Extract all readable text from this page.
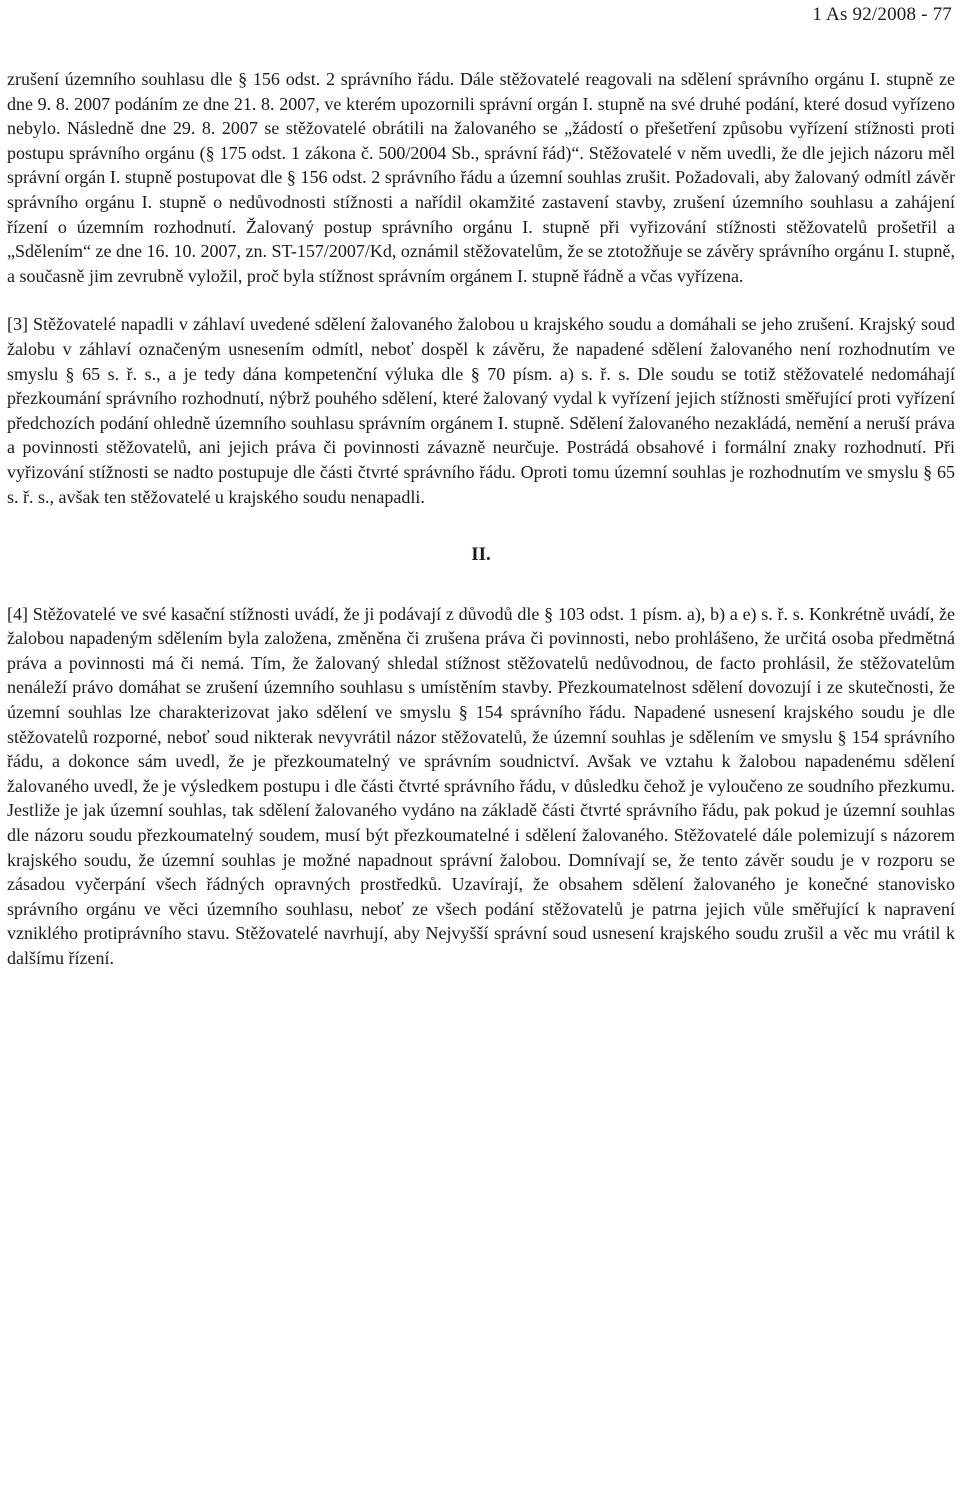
1 As 92/2008 - 77

zrušení územního souhlasu dle § 156 odst. 2 správního řádu. Dále stěžovatelé reagovali na sdělení správního orgánu I. stupně ze dne 9. 8. 2007 podáním ze dne 21. 8. 2007, ve kterém upozornili správní orgán I. stupně na své druhé podání, které dosud vyřízeno nebylo. Následně dne 29. 8. 2007 se stěžovatelé obrátili na žalovaného se „žádostí o přešetření způsobu vyřízení stížnosti proti postupu správního orgánu (§ 175 odst. 1 zákona č. 500/2004 Sb., správní řád)“. Stěžovatelé v něm uvedli, že dle jejich názoru měl správní orgán I. stupně postupovat dle § 156 odst. 2 správního řádu a územní souhlas zrušit. Požadovali, aby žalovaný odmítl závěr správního orgánu I. stupně o nedůvodnosti stížnosti a nařídil okamžité zastavení stavby, zrušení územního souhlasu a zahájení řízení o územním rozhodnutí. Žalovaný postup správního orgánu I. stupně při vyřizování stížnosti stěžovatelů prošetřil a „Sdělením“ ze dne 16. 10. 2007, zn. ST-157/2007/Kd, oznámil stěžovatelům, že se ztotožňuje se závěry správního orgánu I. stupně, a současně jim zevrubně vyložil, proč byla stížnost správním orgánem I. stupně řádně a včas vyřízena.

[3] Stěžovatelé napadli v záhlaví uvedené sdělení žalovaného žalobou u krajského soudu a domáhali se jeho zrušení. Krajský soud žalobu v záhlaví označeným usnesením odmítl, neboť dospěl k závěru, že napadené sdělení žalovaného není rozhodnutím ve smyslu § 65 s. ř. s., a je tedy dána kompetenční výluka dle § 70 písm. a) s. ř. s. Dle soudu se totiž stěžovatelé nedomáhají přezkoumání správního rozhodnutí, nýbrž pouhého sdělení, které žalovaný vydal k vyřízení jejich stížnosti směřující proti vyřízení předchozích podání ohledně územního souhlasu správním orgánem I. stupně. Sdělení žalovaného nezakládá, nemění a neruší práva a povinnosti stěžovatelů, ani jejich práva či povinnosti závazně neurčuje. Postrádá obsahové i formální znaky rozhodnutí. Při vyřizování stížnosti se nadto postupuje dle části čtvrté správního řádu. Oproti tomu územní souhlas je rozhodnutím ve smyslu § 65 s. ř. s., avšak ten stěžovatelé u krajského soudu nenapadli.

II.

[4] Stěžovatelé ve své kasační stížnosti uvádí, že ji podávají z důvodů dle § 103 odst. 1 písm. a), b) a e) s. ř. s. Konkrétně uvádí, že žalobou napadeným sdělením byla založena, změněna či zrušena práva či povinnosti, nebo prohlášeno, že určitá osoba předmětná práva a povinnosti má či nemá. Tím, že žalovaný shledal stížnost stěžovatelů nedůvodnou, de facto prohlásil, že stěžovatelům nenáleží právo domáhat se zrušení územního souhlasu s umístěním stavby. Přezkoumatelnost sdělení dovozují i ze skutečnosti, že územní souhlas lze charakterizovat jako sdělení ve smyslu § 154 správního řádu. Napadené usnesení krajského soudu je dle stěžovatelů rozporné, neboť soud nikterak nevyvrátil názor stěžovatelů, že územní souhlas je sdělením ve smyslu § 154 správního řádu, a dokonce sám uvedl, že je přezkoumatelný ve správním soudnictví. Avšak ve vztahu k žalobou napadenému sdělení žalovaného uvedl, že je výsledkem postupu i dle části čtvrté správního řádu, v důsledku čehož je vyloučeno ze soudního přezkumu. Jestliže je jak územní souhlas, tak sdělení žalovaného vydáno na základě části čtvrté správního řádu, pak pokud je územní souhlas dle názoru soudu přezkoumatelný soudem, musí být přezkoumatelné i sdělení žalovaného. Stěžovatelé dále polemizují s názorem krajského soudu, že územní souhlas je možné napadnout správní žalobou. Domnívají se, že tento závěr soudu je v rozporu se zásadou vyčerpání všech řádných opravných prostředků. Uzavírají, že obsahem sdělení žalovaného je konečné stanovisko správního orgánu ve věci územního souhlasu, neboť ze všech podání stěžovatelů je patrna jejich vůle směřující k napravení vzniklého protiprávního stavu. Stěžovatelé navrhují, aby Nejvyšší správní soud usnesení krajského soudu zrušil a věc mu vrátil k dalšímu řízení.
